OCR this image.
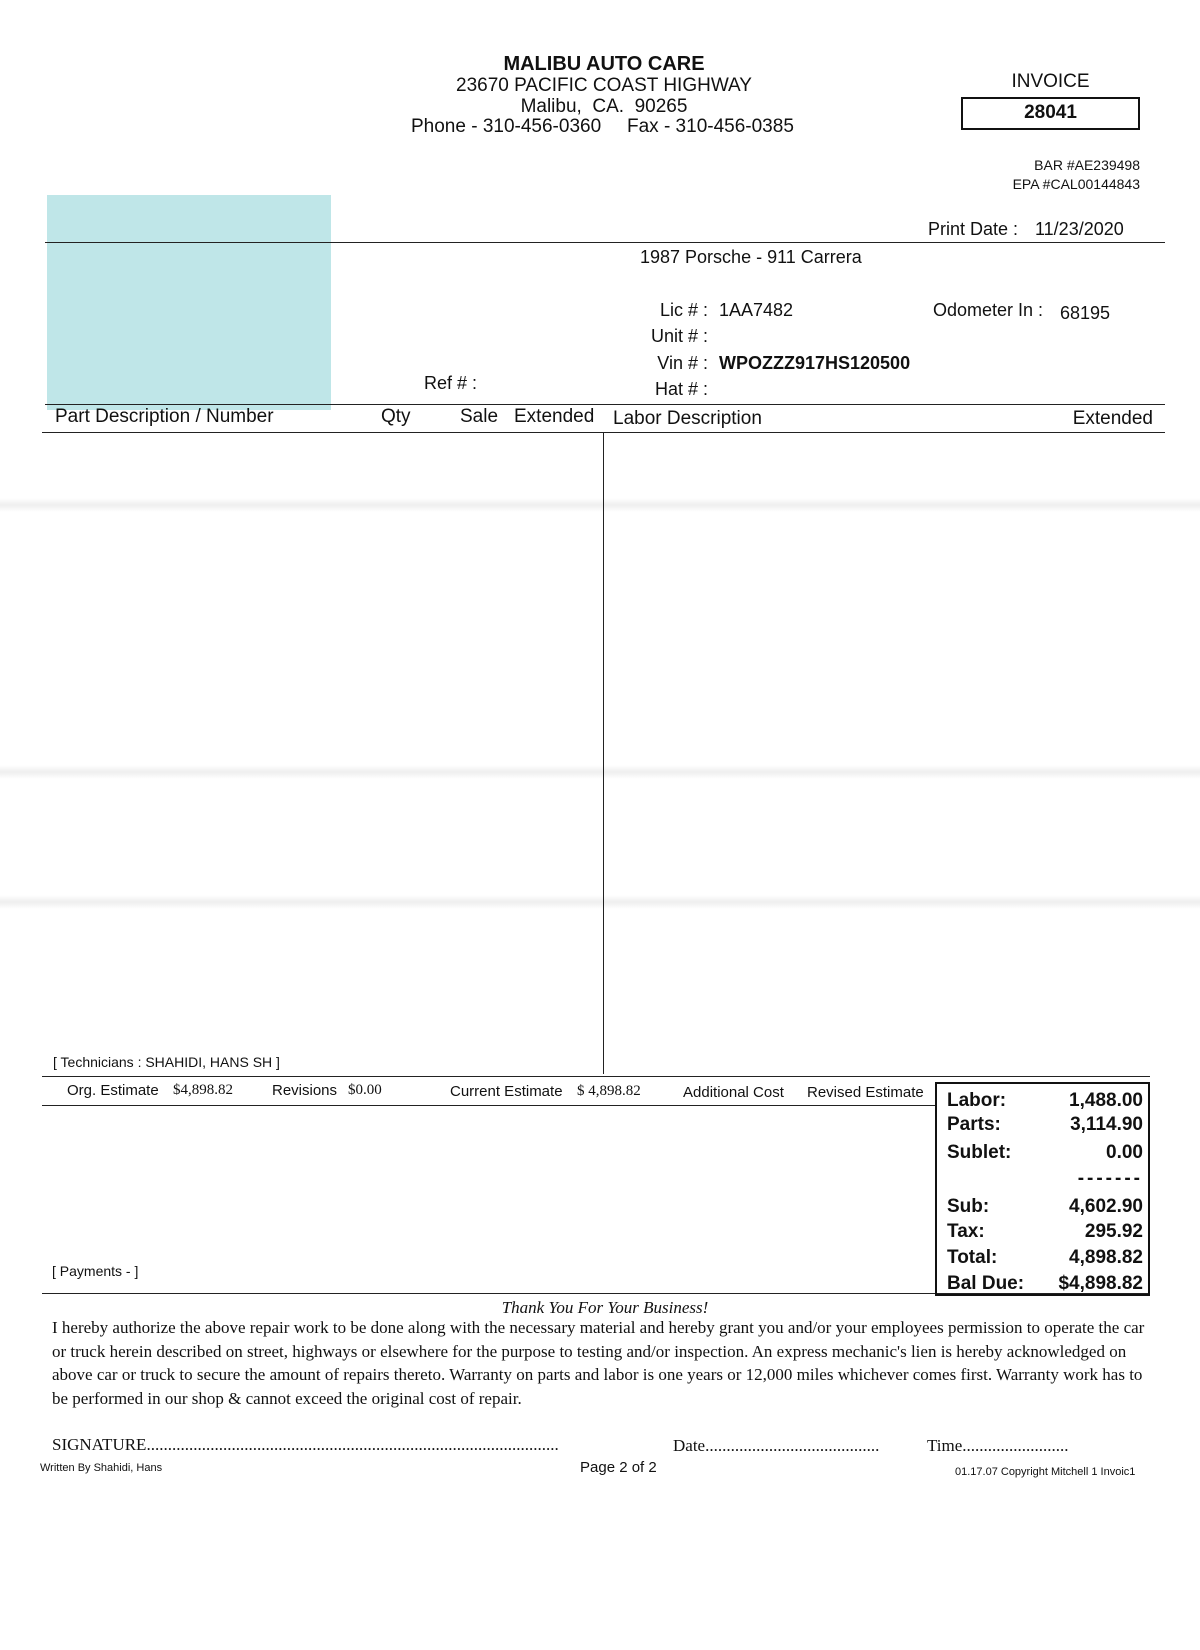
MALIBU AUTO CARE
23670 PACIFIC COAST HIGHWAY
Malibu,  CA.  90265
Phone - 310-456-0360 Fax - 310-456-0385
INVOICE
28041
BAR #AE239498
EPA #CAL00144843
Print Date : 11/23/2020
1987 Porsche - 911 Carrera
Lic # : 1AA7482
Unit # :
Vin # : WPOZZZ917HS120500
Hat # :
Ref # :
Odometer In : 68195
Part Description / Number	Qty	Sale Extended Labor Description	Extended
[ Technicians : SHAHIDI, HANS SH ]
Org. Estimate $4,898.82	Revisions $0.00	Current Estimate $ 4,898.82	Additional Cost Revised Estimate
[ Payments - ]
Labor:	1,488.00
Parts:	3,114.90
Sublet:	0.00
-------
Sub:	4,602.90
Tax:	295.92
Total:	4,898.82
Bal Due: $4,898.82
Thank You For Your Business!
I hereby authorize the above repair work to be done along with the necessary material and hereby grant you and/or your employees permission to operate the car or truck herein described on street, highways or elsewhere for the purpose to testing and/or inspection. An express mechanic's lien is hereby acknowledged on above car or truck to secure the amount of repairs thereto. Warranty on parts and labor is one years or 12,000 miles whichever comes first. Warranty work has to be performed in our shop & cannot exceed the original cost of repair.
SIGNATURE.................................................................................................	Date.........................................	Time.........................
Written By Shahidi, Hans	Page 2 of 2	01.17.07 Copyright Mitchell 1 Invoic1
